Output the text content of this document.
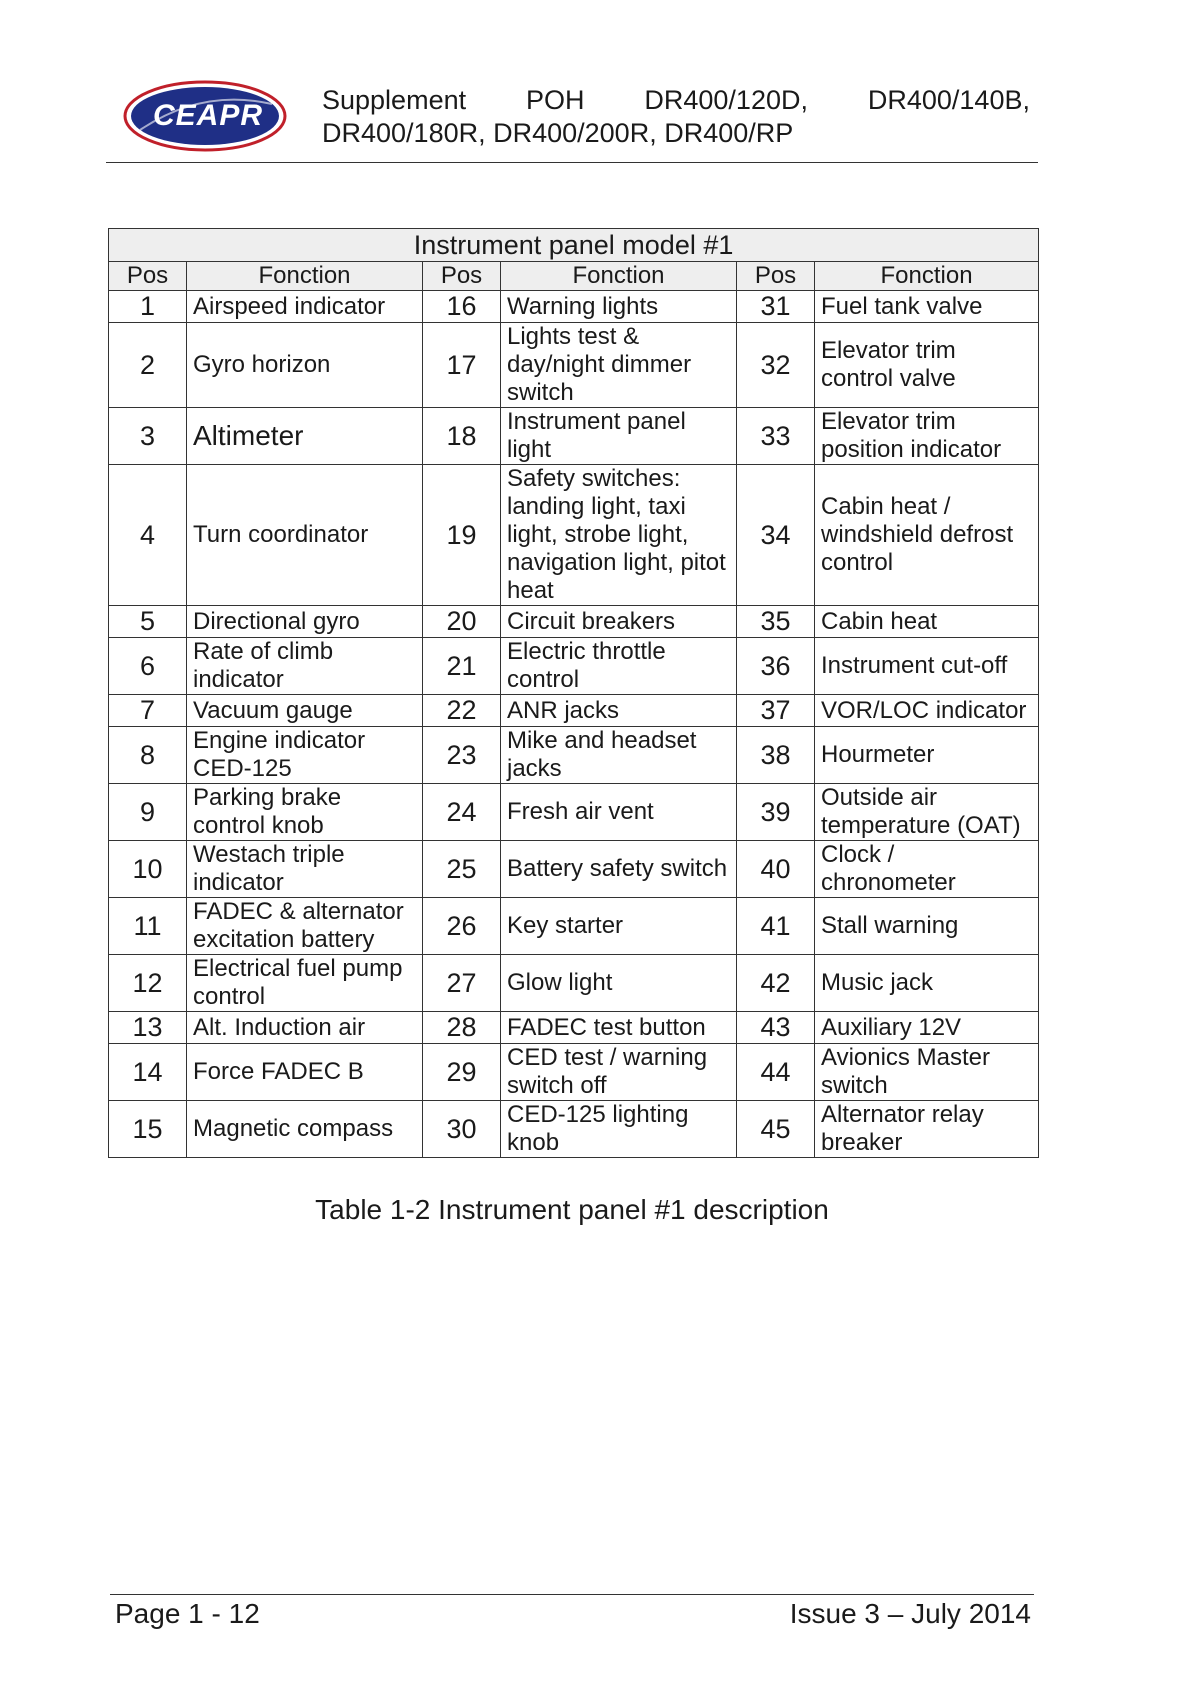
CEAPR Supplement POH DR400/120D, DR400/140B,
DR400/180R, DR400/200R, DR400/RP
Instrument panel model #1					
Pos	Fonction	Pos	Fonction	Pos	Fonction
1	Airspeed indicator	16	Warning lights	31	Fuel tank valve
2	Gyro horizon	17	Lights test & day/night dimmer switch	32	Elevator trim control valve
3	Altimeter	18	Instrument panel light	33	Elevator trim position indicator
4	Turn coordinator	19	Safety switches: landing light, taxi light, strobe light, navigation light, pitot heat	34	Cabin heat / windshield defrost control
5	Directional gyro	20	Circuit breakers	35	Cabin heat
6	Rate of climb indicator	21	Electric throttle control	36	Instrument cut-off
7	Vacuum gauge	22	ANR jacks	37	VOR/LOC indicator
8	Engine indicator CED-125	23	Mike and headset jacks	38	Hourmeter
9	Parking brake control knob	24	Fresh air vent	39	Outside air temperature (OAT)
10	Westach triple indicator	25	Battery safety switch	40	Clock / chronometer
11	FADEC & alternator excitation battery	26	Key starter	41	Stall warning
12	Electrical fuel pump control	27	Glow light	42	Music jack
13	Alt. Induction air	28	FADEC test button	43	Auxiliary 12V
14	Force FADEC B	29	CED test / warning switch off	44	Avionics Master switch
15	Magnetic compass	30	CED-125 lighting knob	45	Alternator relay breaker
Table 1-2 Instrument panel #1 description
Page 1 - 12	Issue 3 – July 2014
